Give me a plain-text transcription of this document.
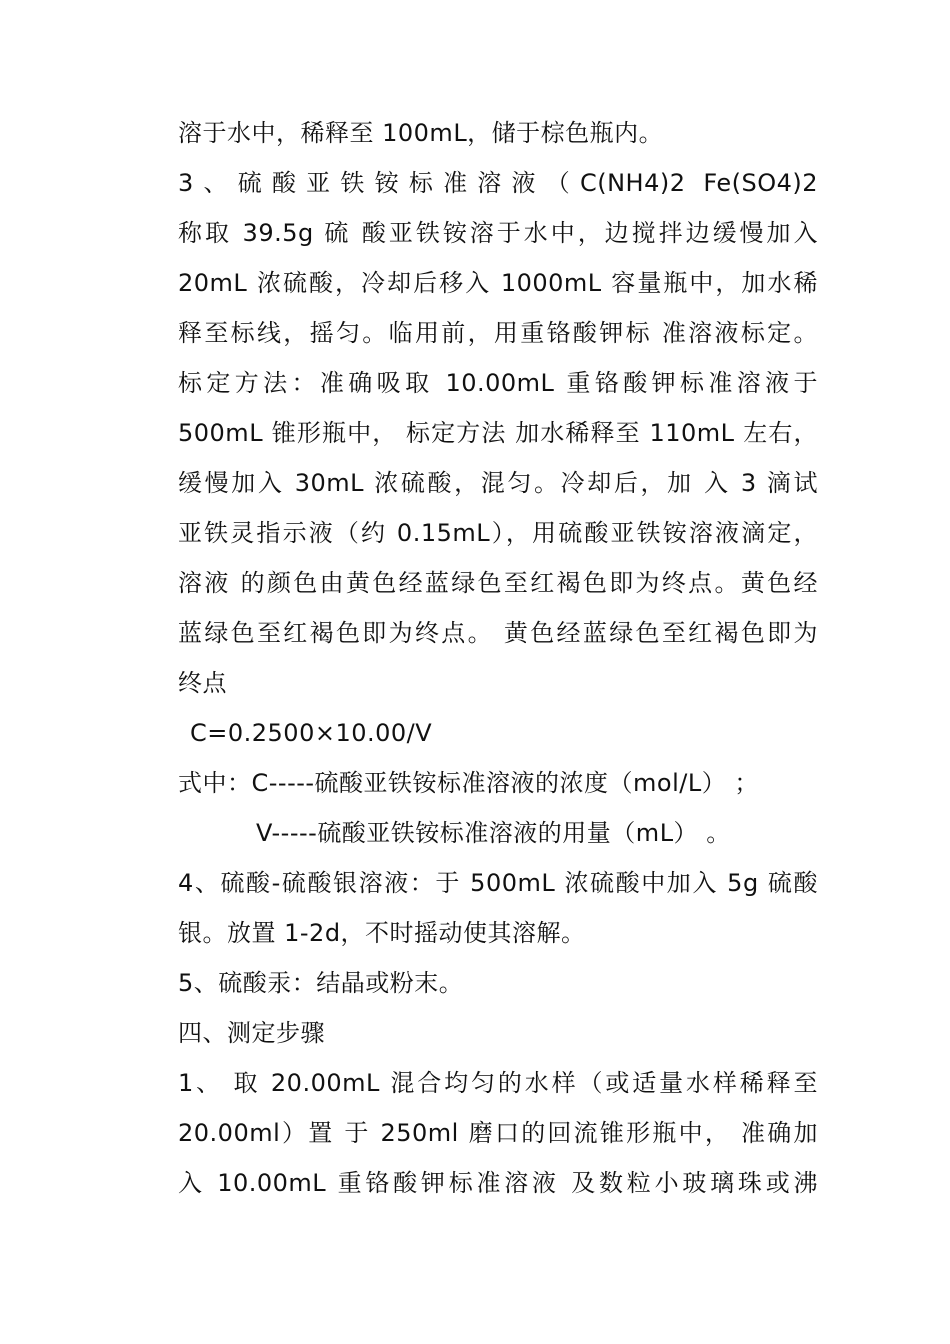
溶于水中，稀释至 100mL，储于棕色瓶内。
3、硫酸亚铁铵标准溶液（C(NH4)2 Fe(SO4)2
称取 39.5g 硫 酸亚铁铵溶于水中，边搅拌边缓慢加入
20mL 浓硫酸，冷却后移入 1000mL 容量瓶中，加水稀
释至标线，摇匀。临用前，用重铬酸钾标 准溶液标定。
标定方法：准确吸取 10.00mL 重铬酸钾标准溶液于
500mL 锥形瓶中， 标定方法 加水稀释至 110mL 左右，
缓慢加入 30mL 浓硫酸，混匀。冷却后，加 入 3 滴试
亚铁灵指示液（约 0.15mL），用硫酸亚铁铵溶液滴定，
溶液 的颜色由黄色经蓝绿色至红褐色即为终点。黄色经
蓝绿色至红褐色即为终点。 黄色经蓝绿色至红褐色即为
终点
C=0.2500×10.00/V
式中：C-----硫酸亚铁铵标准溶液的浓度（mol/L） ；
V-----硫酸亚铁铵标准溶液的用量（mL） 。
4、硫酸-硫酸银溶液：于 500mL 浓硫酸中加入 5g 硫酸
银。放置 1-2d，不时摇动使其溶解。
5、硫酸汞：结晶或粉末。
四、测定步骤
1、 取 20.00mL 混合均匀的水样（或适量水样稀释至
20.00ml）置 于 250ml 磨口的回流锥形瓶中， 准确加
入 10.00mL 重铬酸钾标准溶液 及数粒小玻璃珠或沸
